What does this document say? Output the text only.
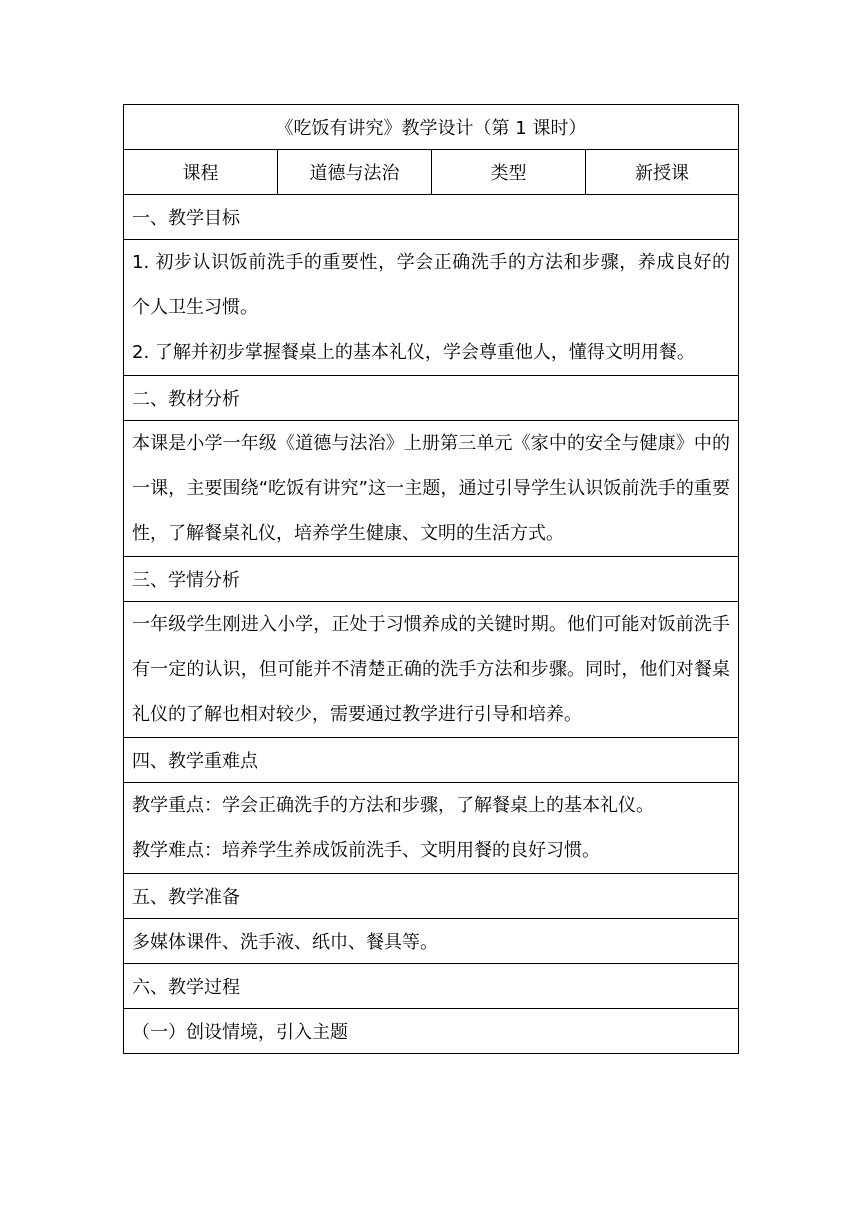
《吃饭有讲究》教学设计（第 1 课时）
课程	道德与法治	类型	新授课
一、教学目标

1. 初步认识饭前洗手的重要性，学会正确洗手的方法和步骤，养成良好的个人卫生习惯。

2. 了解并初步掌握餐桌上的基本礼仪，学会尊重他人，懂得文明用餐。

二、教材分析
本课是小学一年级《道德与法治》上册第三单元《家中的安全与健康》中的一课，主要围绕“吃饭有讲究”这一主题，通过引导学生认识饭前洗手的重要性，了解餐桌礼仪，培养学生健康、文明的生活方式。
三、学情分析
一年级学生刚进入小学，正处于习惯养成的关键时期。他们可能对饭前洗手有一定的认识，但可能并不清楚正确的洗手方法和步骤。同时，他们对餐桌礼仪的了解也相对较少，需要通过教学进行引导和培养。
四、教学重难点

教学重点：学会正确洗手的方法和步骤，了解餐桌上的基本礼仪。

教学难点：培养学生养成饭前洗手、文明用餐的良好习惯。

五、教学准备
多媒体课件、洗手液、纸巾、餐具等。
六、教学过程
（一）创设情境，引入主题
